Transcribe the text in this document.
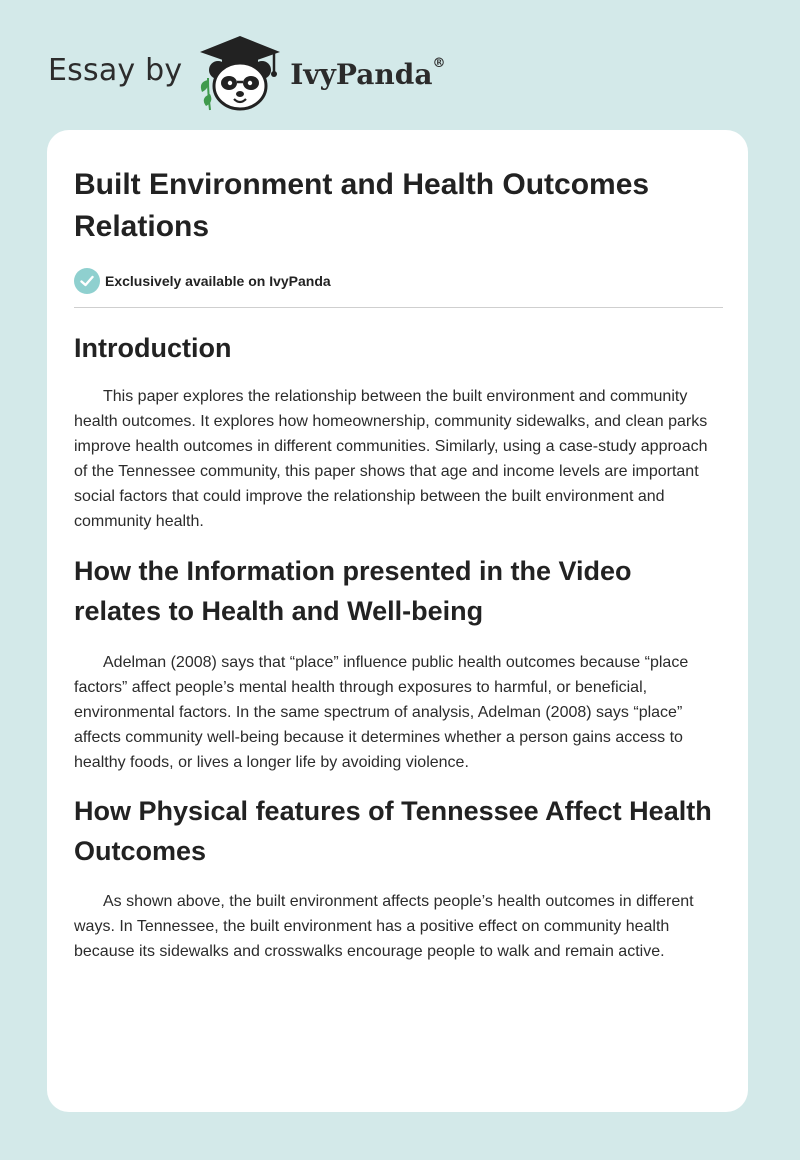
Essay by	IvyPanda®
Built Environment and Health Outcomes Relations
Exclusively available on IvyPanda
Introduction

This paper explores the relationship between the built environment and community health outcomes. It explores how homeownership, community sidewalks, and clean parks improve health outcomes in different communities. Similarly, using a case-study approach of the Tennessee community, this paper shows that age and income levels are important social factors that could improve the relationship between the built environment and community health.

How the Information presented in the Video relates to Health and Well-being

Adelman (2008) says that “place” influence public health outcomes because “place factors” affect people’s mental health through exposures to harmful, or beneficial, environmental factors. In the same spectrum of analysis, Adelman (2008) says “place” affects community well-being because it determines whether a person gains access to healthy foods, or lives a longer life by avoiding violence.

How Physical features of Tennessee Affect Health Outcomes

As shown above, the built environment affects people’s health outcomes in different ways. In Tennessee, the built environment has a positive effect on community health because its sidewalks and crosswalks encourage people to walk and remain active.
